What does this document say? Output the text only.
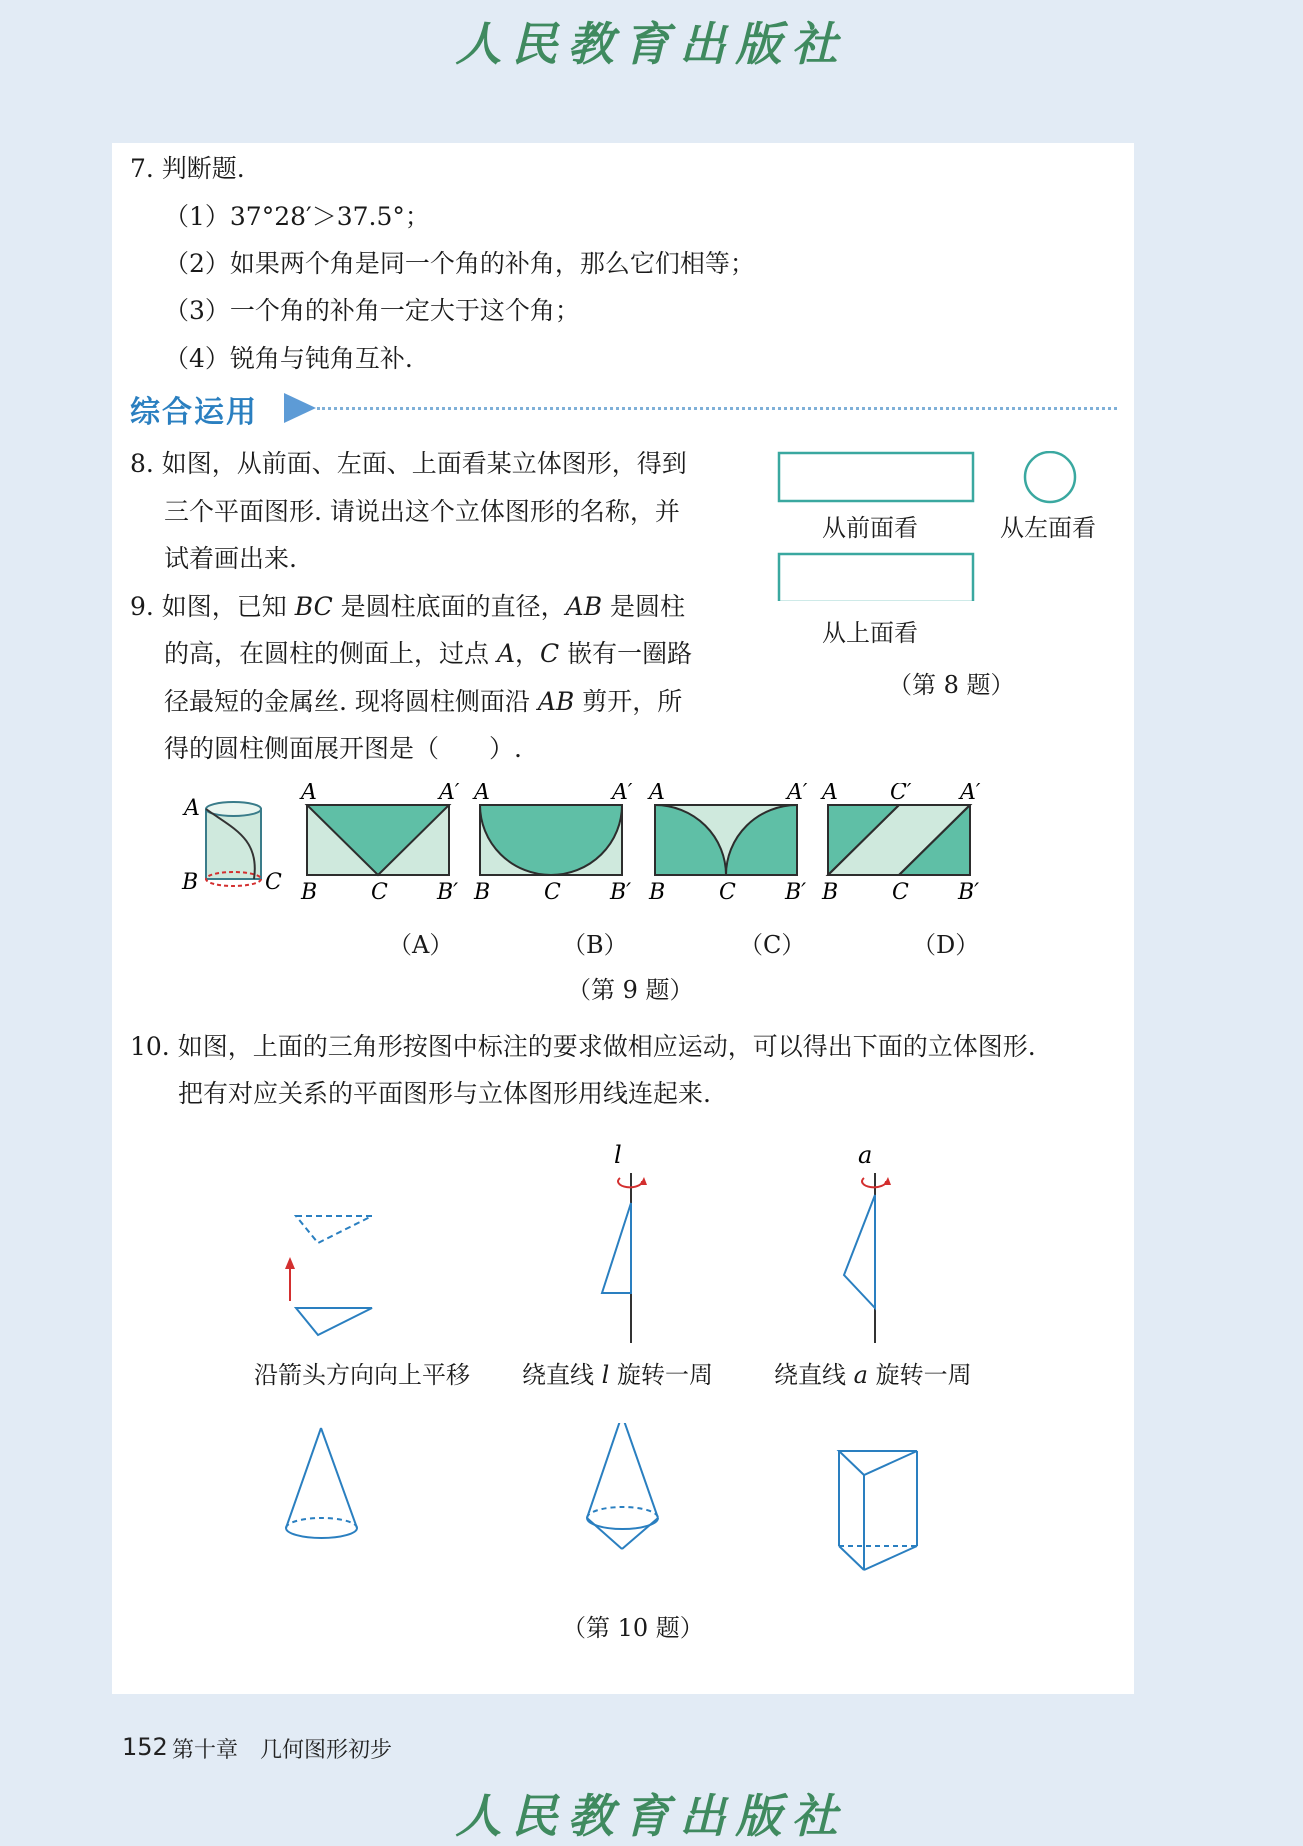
人民教育出版社
7. 判断题.
（1）37°28′＞37.5°；
（2）如果两个角是同一个角的补角，那么它们相等；
（3）一个角的补角一定大于这个角；
（4）锐角与钝角互补.
综合运用
8. 如图，从前面、左面、上面看某立体图形，得到
三个平面图形. 请说出这个立体图形的名称，并
试着画出来.
从前面看	从左面看
从上面看
（第 8 题）
9. 如图，已知 BC 是圆柱底面的直径，AB 是圆柱
的高，在圆柱的侧面上，过点 A，C 嵌有一圈路
径最短的金属丝. 现将圆柱侧面沿 AB 剪开，所
得的圆柱侧面展开图是（　　）.
A
B	C
A	A′
B C B′
A	A′
B C B′
A	A′
B C B′
A C′ A′
B C B′
（A）	（B）	（C）	（D）
（第 9 题）
10. 如图，上面的三角形按图中标注的要求做相应运动，可以得出下面的立体图形.
把有对应关系的平面图形与立体图形用线连起来.
l	a
沿箭头方向向上平移 绕直线 l 旋转一周	绕直线 a 旋转一周
（第 10 题）
152 第十章　几何图形初步
人民教育出版社
